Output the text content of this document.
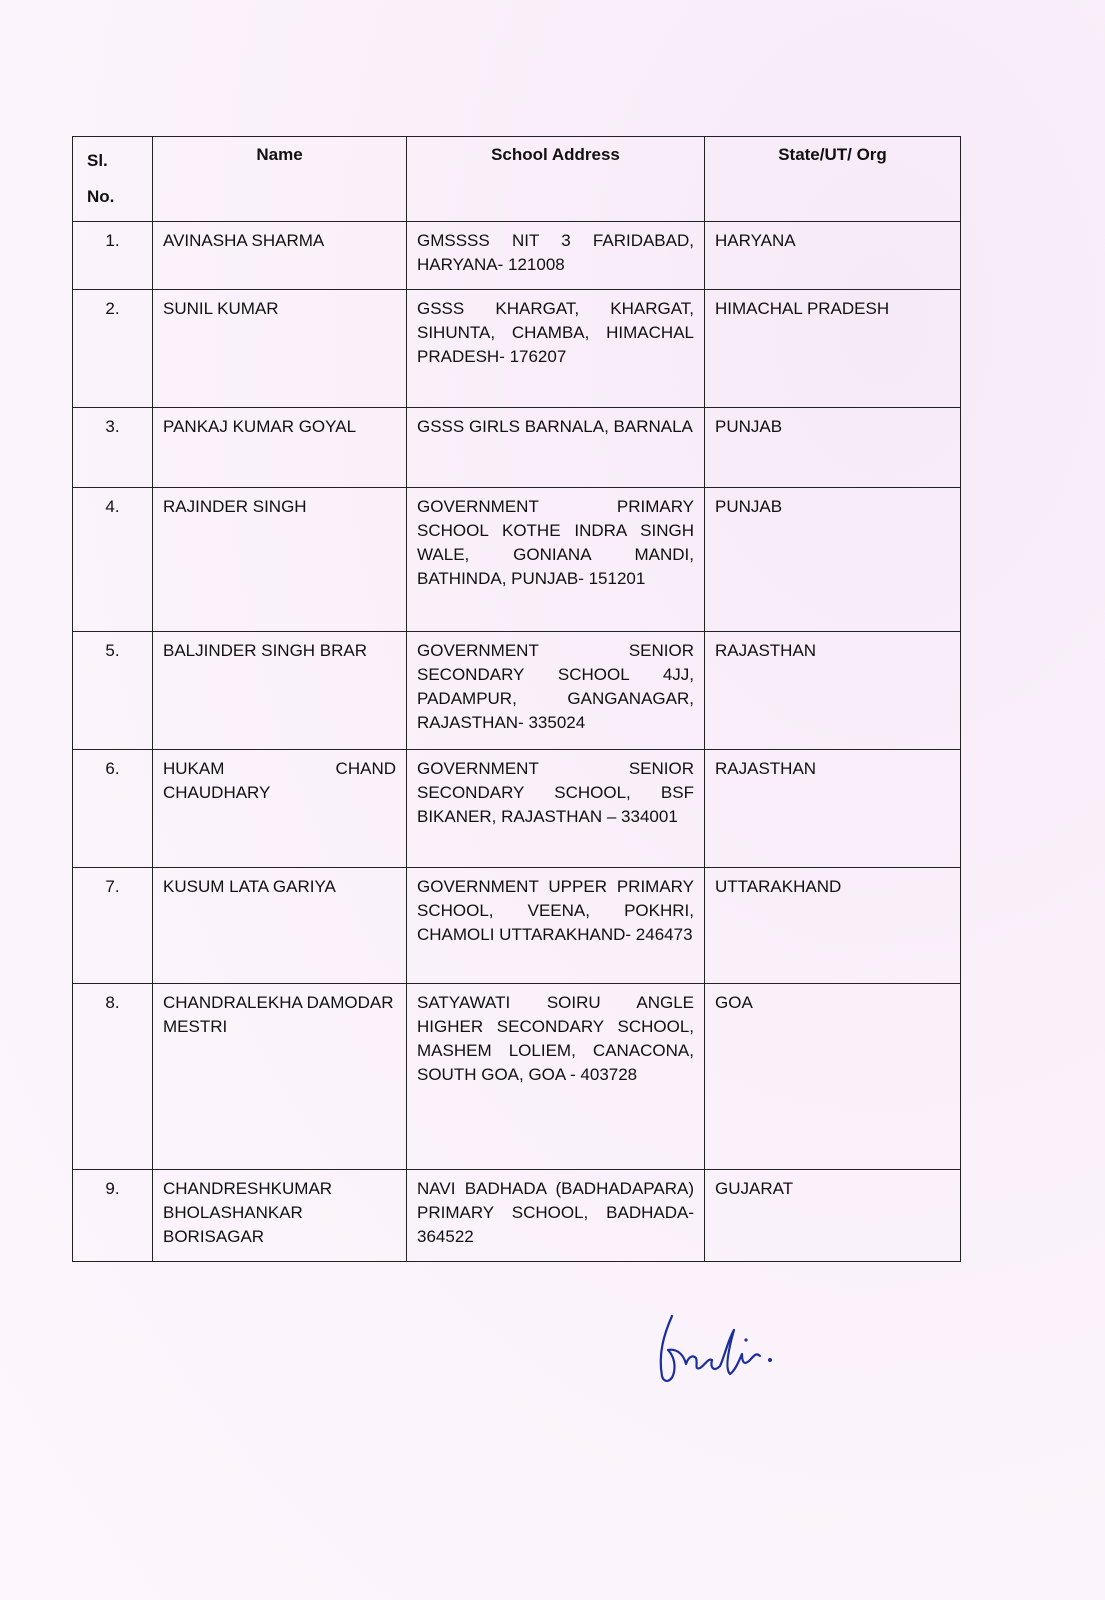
Sl.
No.	Name	School Address	State/UT/ Org
1.	AVINASHA SHARMA	GMSSSS NIT 3 FARIDABAD, HARYANA- 121008	HARYANA
2.	SUNIL KUMAR	GSSS KHARGAT, KHARGAT, SIHUNTA, CHAMBA, HIMACHAL PRADESH- 176207	HIMACHAL PRADESH
3.	PANKAJ KUMAR GOYAL	GSSS GIRLS BARNALA, BARNALA	PUNJAB
4.	RAJINDER SINGH	GOVERNMENT PRIMARY SCHOOL KOTHE INDRA SINGH WALE, GONIANA MANDI, BATHINDA, PUNJAB- 151201	PUNJAB
5.	BALJINDER SINGH BRAR	GOVERNMENT SENIOR SECONDARY SCHOOL 4JJ, PADAMPUR, GANGANAGAR, RAJASTHAN- 335024	RAJASTHAN
6.	HUKAM CHAND CHAUDHARY	GOVERNMENT SENIOR SECONDARY SCHOOL, BSF BIKANER, RAJASTHAN – 334001	RAJASTHAN
7.	KUSUM LATA GARIYA	GOVERNMENT UPPER PRIMARY SCHOOL, VEENA, POKHRI, CHAMOLI UTTARAKHAND- 246473	UTTARAKHAND
8.	CHANDRALEKHA DAMODAR MESTRI	SATYAWATI SOIRU ANGLE HIGHER SECONDARY SCHOOL, MASHEM LOLIEM, CANACONA, SOUTH GOA, GOA - 403728	GOA
9.	CHANDRESHKUMAR BHOLASHANKAR BORISAGAR	NAVI BADHADA (BADHADAPARA) PRIMARY SCHOOL, BADHADA-364522	GUJARAT
